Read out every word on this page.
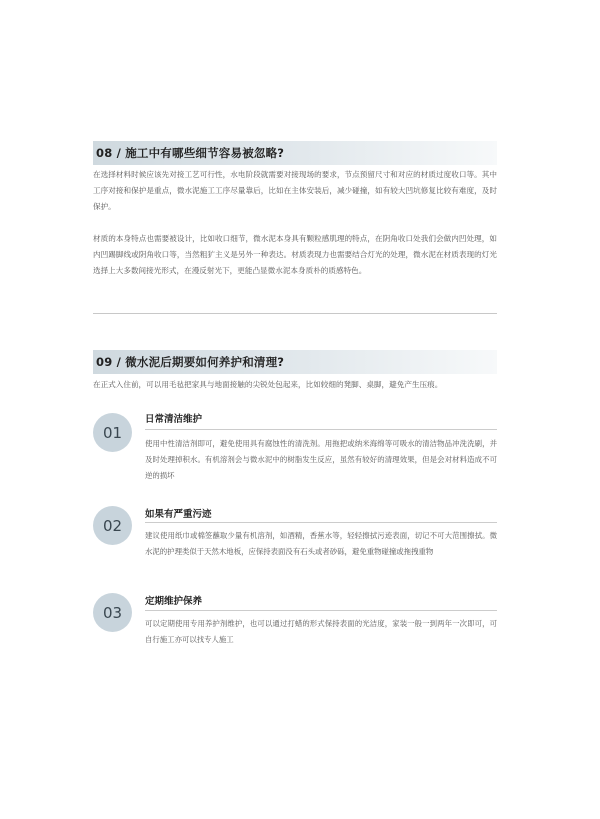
08 / 施工中有哪些细节容易被忽略?

在选择材料时候应该先对接工艺可行性，水电阶段就需要对接现场的要求，节点预留尺寸和对应的材质过度收口等。其中工序对接和保护是重点，微水泥施工工序尽量靠后，比如在主体安装后，减少碰撞，如有较大凹坑修复比较有难度，及时保护。

材质的本身特点也需要被设计，比如收口细节，微水泥本身具有颗粒感肌理的特点，在阴角收口处我们会做内凹处理，如内凹踢脚线或阴角收口等，当然粗犷主义是另外一种表达。材质表现力也需要结合灯光的处理，微水泥在材质表现的灯光选择上大多数间接光形式，在漫反射光下，更能凸显微水泥本身质朴的质感特色。

09 / 微水泥后期要如何养护和清理?

在正式入住前，可以用毛毡把家具与地面接触的尖锐处包起来，比如较细的凳脚、桌脚，避免产生压痕。

01
日常清洁维护

使用中性清洁剂即可，避免使用具有腐蚀性的清洗剂。用拖把或纳米海绵等可吸水的清洁物品冲洗洗刷，并及时处理掉积水。有机溶剂会与微水泥中的树脂发生反应，虽然有较好的清理效果，但是会对材料造成不可逆的损坏

02
如果有严重污迹

建议使用纸巾或棉签蘸取少量有机溶剂，如酒精，香蕉水等，轻轻擦拭污迹表面，切记不可大范围擦拭。微水泥的护理类似于天然木地板，应保持表面没有石头或者砂砾，避免重物碰撞或拖拽重物

03
定期维护保养

可以定期使用专用养护剂维护，也可以通过打蜡的形式保持表面的光洁度，家装一般一到两年一次即可，可自行施工亦可以找专人施工
